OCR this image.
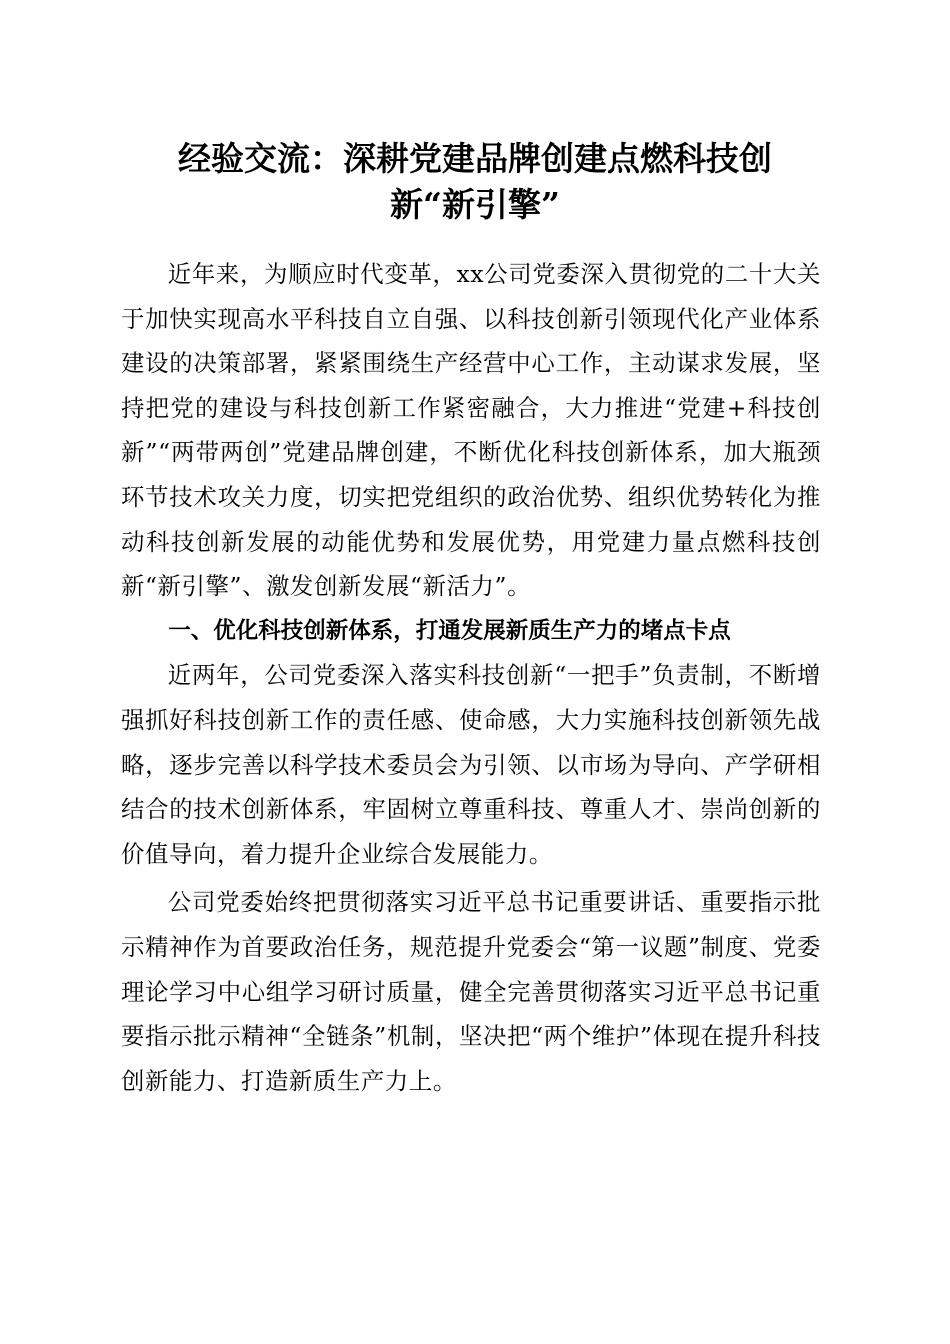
经验交流：深耕党建品牌创建点燃科技创
新“新引擎”

近年来，为顺应时代变革，xx公司党委深入贯彻党的二十大关于加快实现高水平科技自立自强、以科技创新引领现代化产业体系建设的决策部署，紧紧围绕生产经营中心工作，主动谋求发展，坚持把党的建设与科技创新工作紧密融合，大力推进“党建+科技创新”“两带两创”党建品牌创建，不断优化科技创新体系，加大瓶颈环节技术攻关力度，切实把党组织的政治优势、组织优势转化为推动科技创新发展的动能优势和发展优势，用党建力量点燃科技创新“新引擎”、激发创新发展“新活力”。

一、优化科技创新体系，打通发展新质生产力的堵点卡点

近两年，公司党委深入落实科技创新“一把手”负责制，不断增强抓好科技创新工作的责任感、使命感，大力实施科技创新领先战略，逐步完善以科学技术委员会为引领、以市场为导向、产学研相结合的技术创新体系，牢固树立尊重科技、尊重人才、崇尚创新的价值导向，着力提升企业综合发展能力。

公司党委始终把贯彻落实习近平总书记重要讲话、重要指示批示精神作为首要政治任务，规范提升党委会“第一议题”制度、党委理论学习中心组学习研讨质量，健全完善贯彻落实习近平总书记重要指示批示精神“全链条”机制，坚决把“两个维护”体现在提升科技创新能力、打造新质生产力上。
